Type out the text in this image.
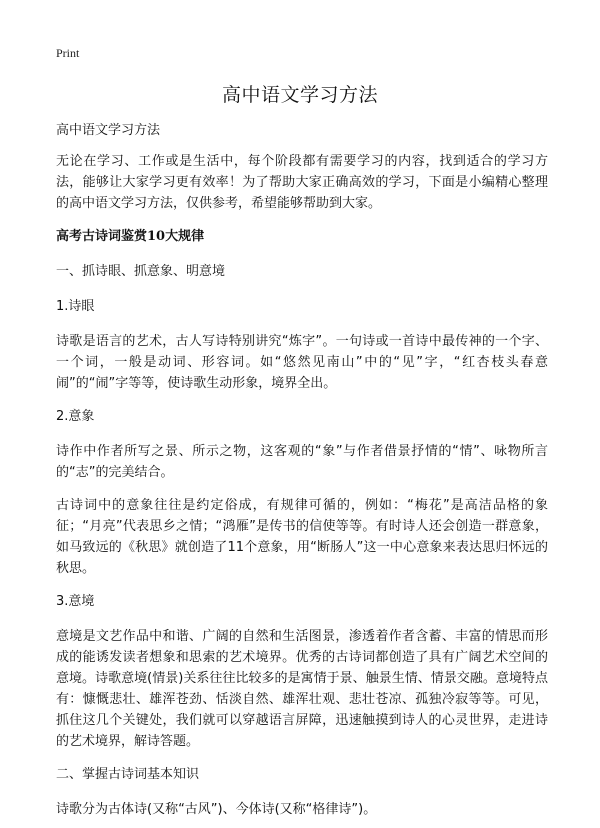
Print
高中语文学习方法

高中语文学习方法

无论在学习、工作或是生活中，每个阶段都有需要学习的内容，找到适合的学习方法，能够让大家学习更有效率！为了帮助大家正确高效的学习，下面是小编精心整理的高中语文学习方法，仅供参考，希望能够帮助到大家。

高考古诗词鉴赏10大规律

一、抓诗眼、抓意象、明意境

1.诗眼

诗歌是语言的艺术，古人写诗特别讲究“炼字”。一句诗或一首诗中最传神的一个字、一个词，一般是动词、形容词。如“悠然见南山”中的“见”字，“红杏枝头春意闹”的“闹”字等等，使诗歌生动形象，境界全出。

2.意象

诗作中作者所写之景、所示之物，这客观的“象”与作者借景抒情的“情”、咏物所言的“志”的完美结合。

古诗词中的意象往往是约定俗成，有规律可循的，例如：“梅花”是高洁品格的象征；“月亮”代表思乡之情；“鸿雁”是传书的信使等等。有时诗人还会创造一群意象，如马致远的《秋思》就创造了11个意象，用“断肠人”这一中心意象来表达思归怀远的秋思。

3.意境

意境是文艺作品中和谐、广阔的自然和生活图景，渗透着作者含蓄、丰富的情思而形成的能诱发读者想象和思索的艺术境界。优秀的古诗词都创造了具有广阔艺术空间的意境。诗歌意境(情景)关系往往比较多的是寓情于景、触景生情、情景交融。意境特点有：慷慨悲壮、雄浑苍劲、恬淡自然、雄浑壮观、悲壮苍凉、孤独冷寂等等。可见，抓住这几个关键处，我们就可以穿越语言屏障，迅速触摸到诗人的心灵世界，走进诗的艺术境界，解诗答题。

二、掌握古诗词基本知识

诗歌分为古体诗(又称“古风”)、今体诗(又称“格律诗”)。
